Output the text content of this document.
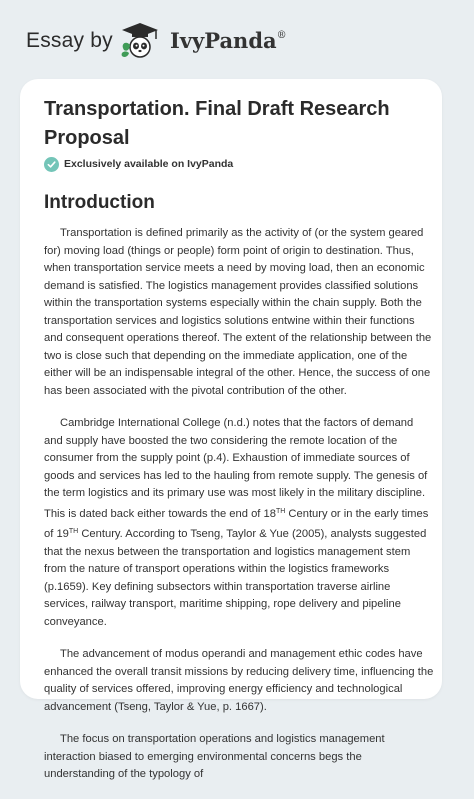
Essay by	IvyPanda®
Transportation. Final Draft Research Proposal
Exclusively available on IvyPanda
Introduction

Transportation is defined primarily as the activity of (or the system geared for) moving load (things or people) form point of origin to destination. Thus, when transportation service meets a need by moving load, then an economic demand is satisfied. The logistics management provides classified solutions within the transportation systems especially within the chain supply. Both the transportation services and logistics solutions entwine within their functions and consequent operations thereof. The extent of the relationship between the two is close such that depending on the immediate application, one of the either will be an indispensable integral of the other. Hence, the success of one has been associated with the pivotal contribution of the other.

Cambridge International College (n.d.) notes that the factors of demand and supply have boosted the two considering the remote location of the consumer from the supply point (p.4). Exhaustion of immediate sources of goods and services has led to the hauling from remote supply. The genesis of the term logistics and its primary use was most likely in the military discipline. This is dated back either towards the end of 18TH Century or in the early times of 19TH Century. According to Tseng, Taylor & Yue (2005), analysts suggested that the nexus between the transportation and logistics management stem from the nature of transport operations within the logistics frameworks (p.1659). Key defining subsectors within transportation traverse airline services, railway transport, maritime shipping, rope delivery and pipeline conveyance.

The advancement of modus operandi and management ethic codes have enhanced the overall transit missions by reducing delivery time, influencing the quality of services offered, improving energy efficiency and technological advancement (Tseng, Taylor & Yue, p. 1667).

The focus on transportation operations and logistics management interaction biased to emerging environmental concerns begs the understanding of the typology of
